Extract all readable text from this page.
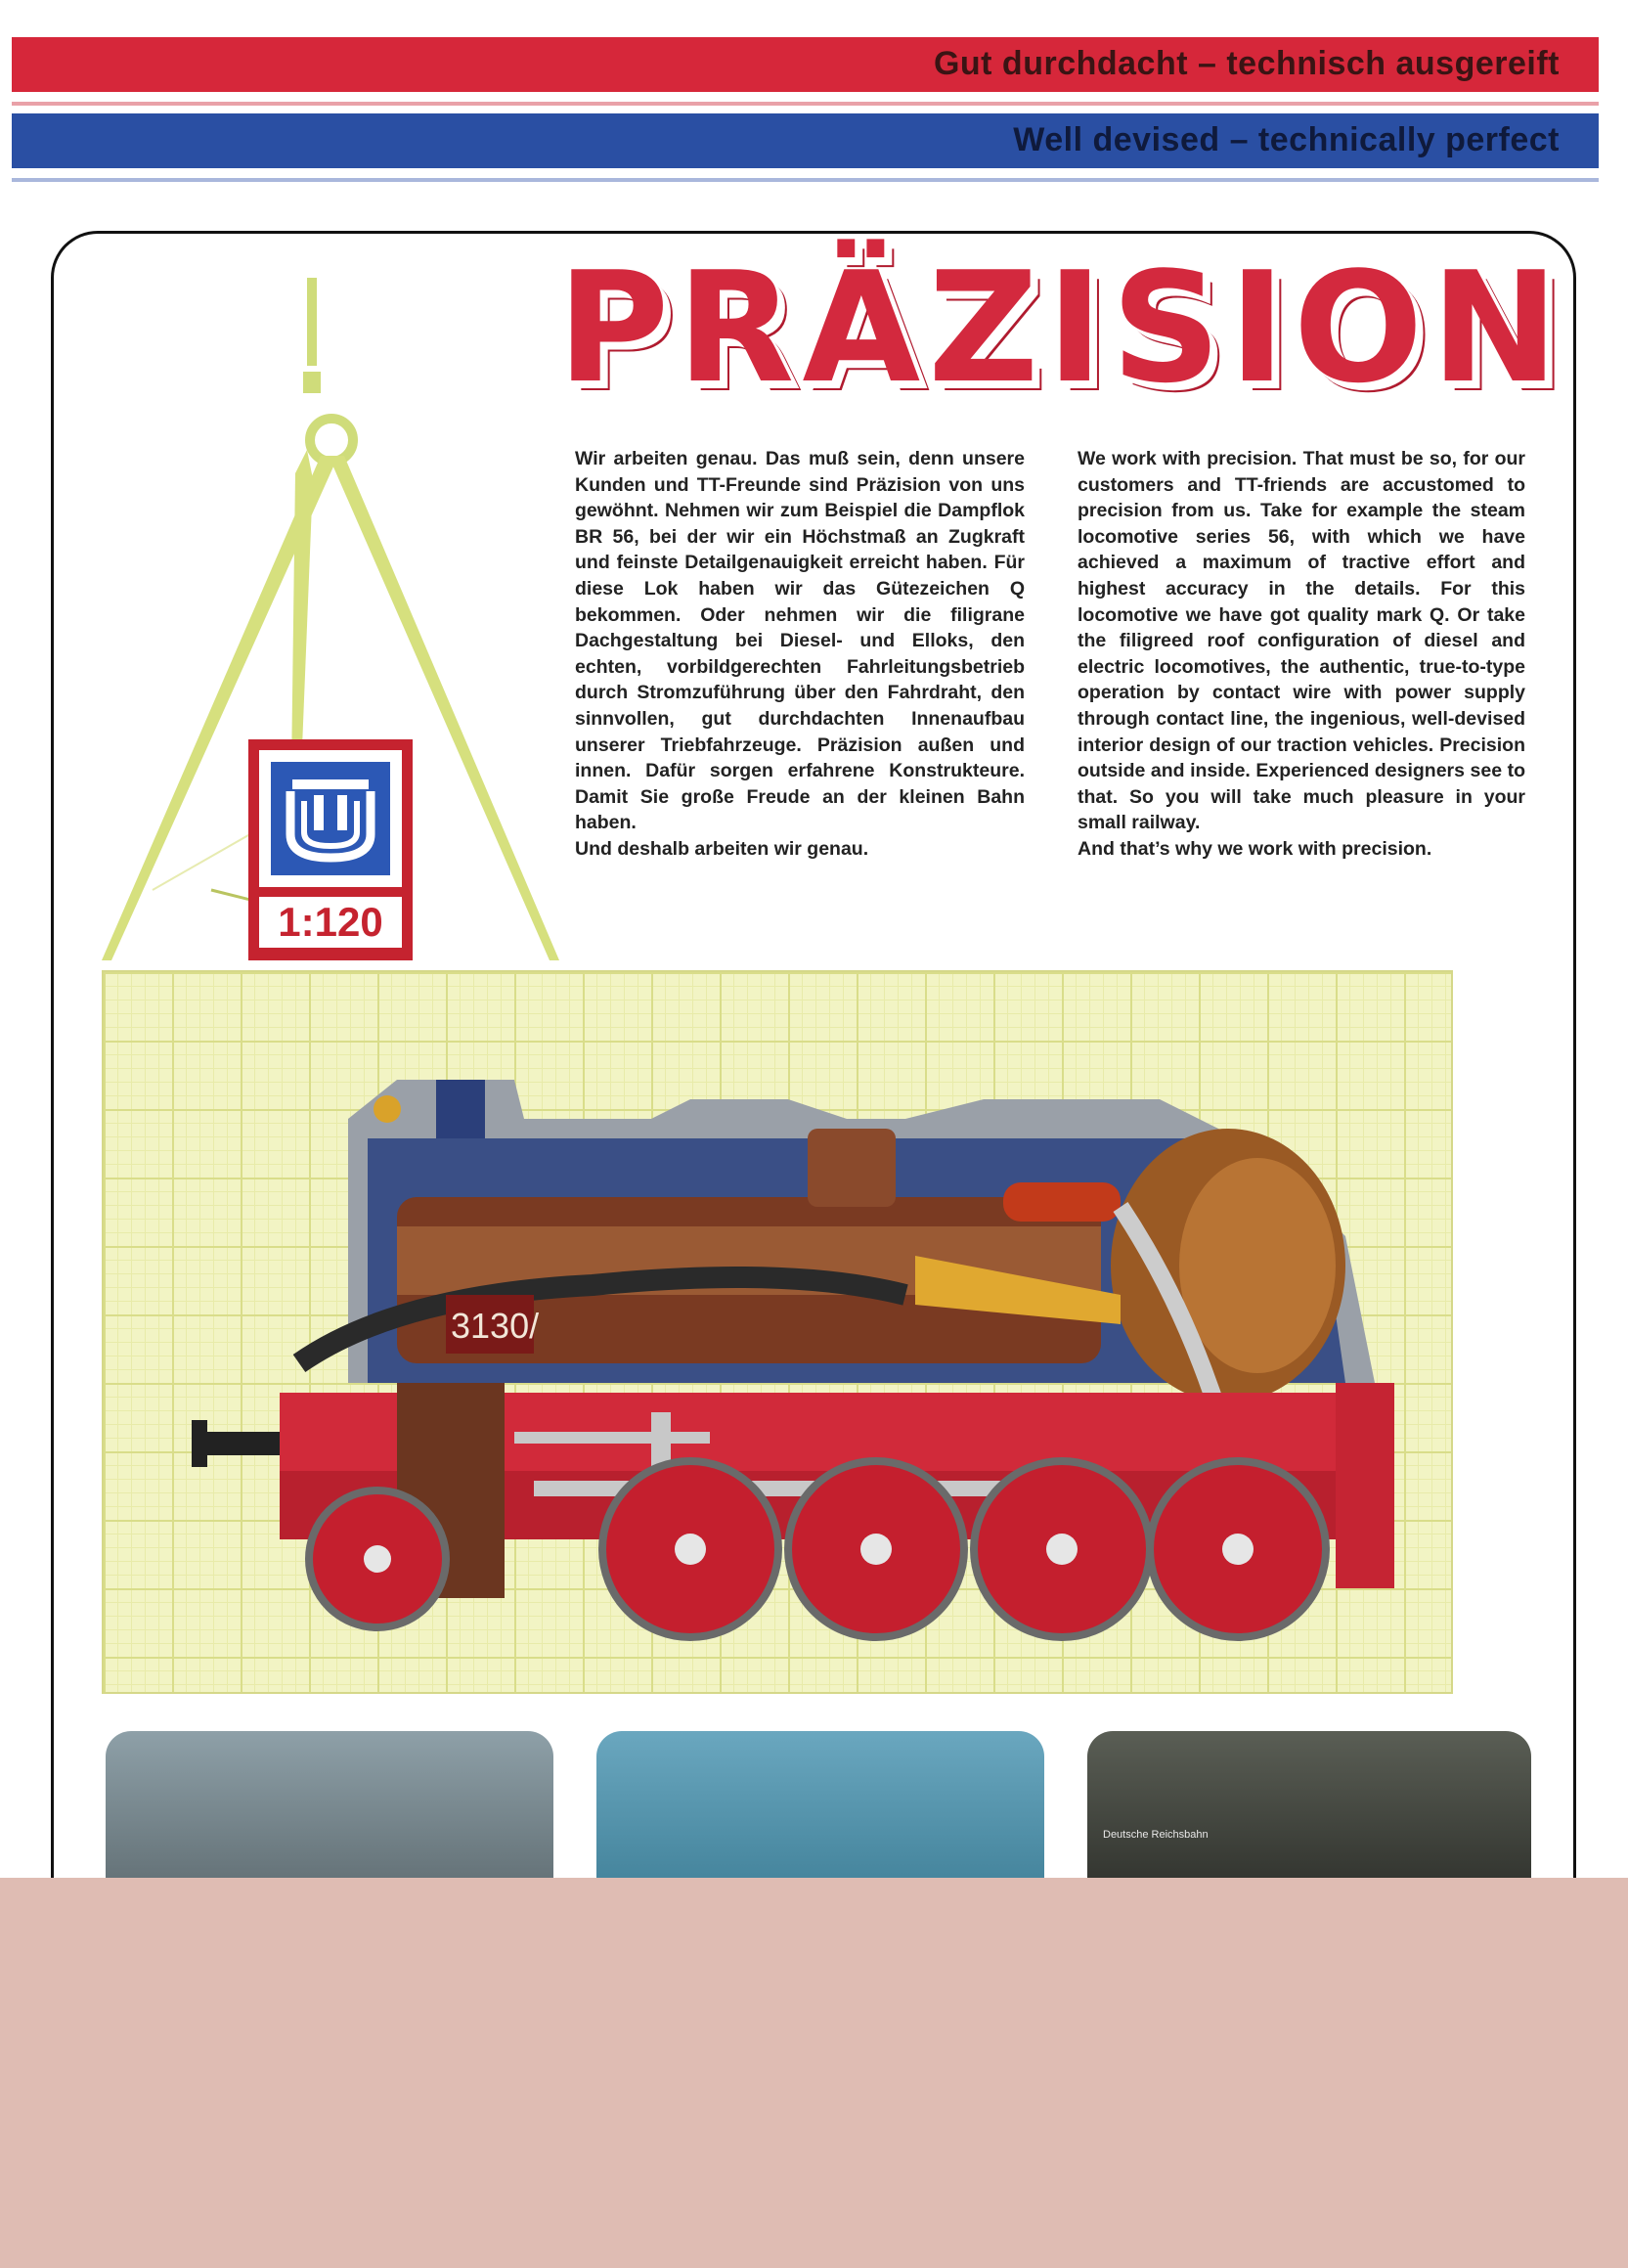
Gut durchdacht – technisch ausgereift
Well devised – technically perfect
PRÄZISION
1:120

Wir arbeiten genau. Das muß sein, denn unsere Kunden und TT-Freunde sind Präzision von uns gewöhnt. Nehmen wir zum Beispiel die Dampflok BR 56, bei der wir ein Höchstmaß an Zugkraft und feinste Detailgenauigkeit erreicht haben. Für diese Lok haben wir das Gütezeichen Q bekommen. Oder nehmen wir die filigrane Dachgestaltung bei Diesel- und Elloks, den echten, vorbildgerechten Fahrleitungsbetrieb durch Stromzuführung über den Fahrdraht, den sinnvollen, gut durchdachten Innenaufbau unserer Triebfahrzeuge. Präzision außen und innen. Dafür sorgen erfahrene Konstrukteure. Damit Sie große Freude an der kleinen Bahn haben.

Und deshalb arbeiten wir genau.

We work with precision. That must be so, for our customers and TT-friends are accustomed to precision from us. Take for example the steam locomotive series 56, with which we have achieved a maximum of tractive effort and highest accuracy in the details. For this locomotive we have got quality mark Q. Or take the filigreed roof configuration of diesel and electric locomotives, the authentic, true-to-type operation by contact wire with power supply through contact line, the ingenious, well-devised interior design of our traction vehicles. Precision outside and inside. Experienced designers see to that. So you will take much pleasure in your small railway.

And that’s why we work with precision.

3130/
Deutsche Reichsbahn
